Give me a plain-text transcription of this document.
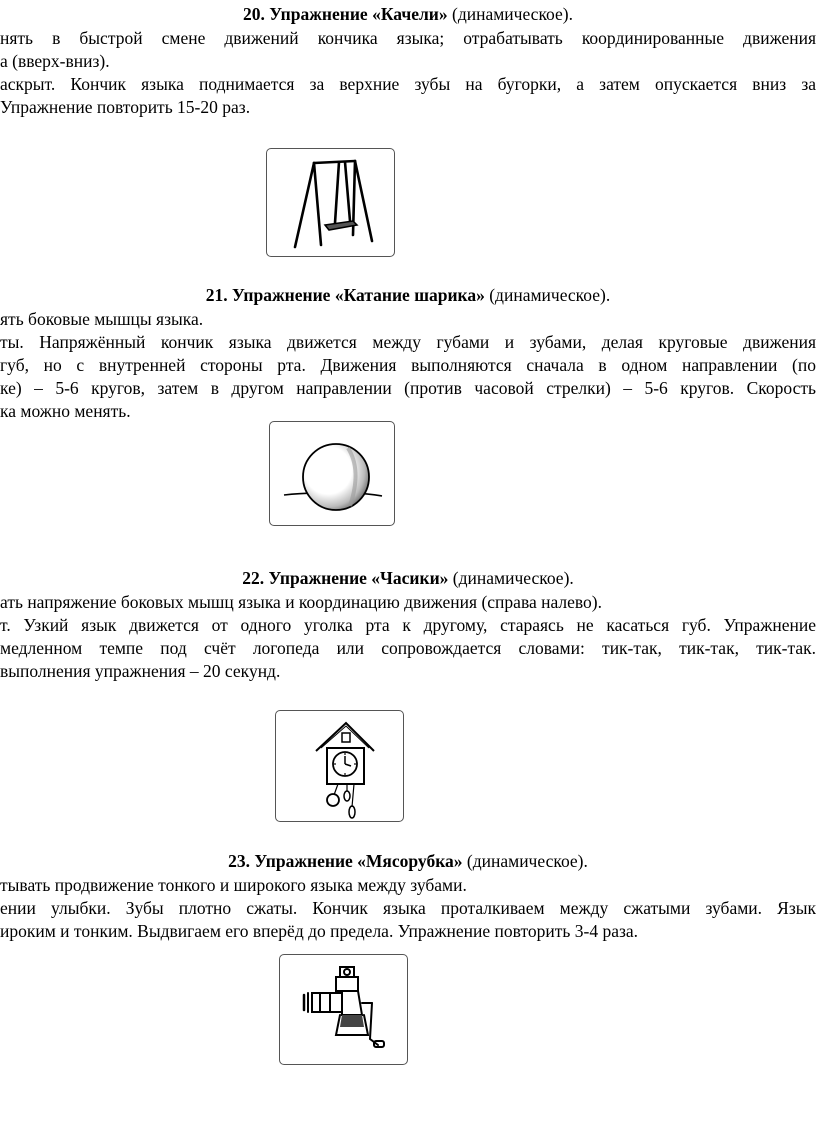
20. Упражнение «Качели» (динамическое).
нять в быстрой смене движений кончика языка; отрабатывать координированные движения
а (вверх-вниз).
аскрыт. Кончик языка поднимается за верхние зубы на бугорки, а затем опускается вниз за
Упражнение повторить 15-20 раз.
21. Упражнение «Катание шарика» (динамическое).
ять боковые мышцы языка.
ты. Напряжённый кончик языка движется между губами и зубами, делая круговые движения
губ, но с внутренней стороны рта. Движения выполняются сначала в одном направлении (по
ке) – 5-6 кругов, затем в другом направлении (против часовой стрелки) – 5-6 кругов. Скорость
ка можно менять.
22. Упражнение «Часики» (динамическое).
ать напряжение боковых мышц языка и координацию движения (справа налево).
т. Узкий язык движется от одного уголка рта к другому, стараясь не касаться губ. Упражнение
медленном темпе под счёт логопеда или сопровождается словами: тик-так, тик-так, тик-так.
выполнения упражнения – 20 секунд.
23. Упражнение «Мясорубка» (динамическое).
тывать продвижение тонкого и широкого языка между зубами.
ении улыбки. Зубы плотно сжаты. Кончик языка проталкиваем между сжатыми зубами. Язык
ироким и тонким. Выдвигаем его вперёд до предела. Упражнение повторить 3-4 раза.
